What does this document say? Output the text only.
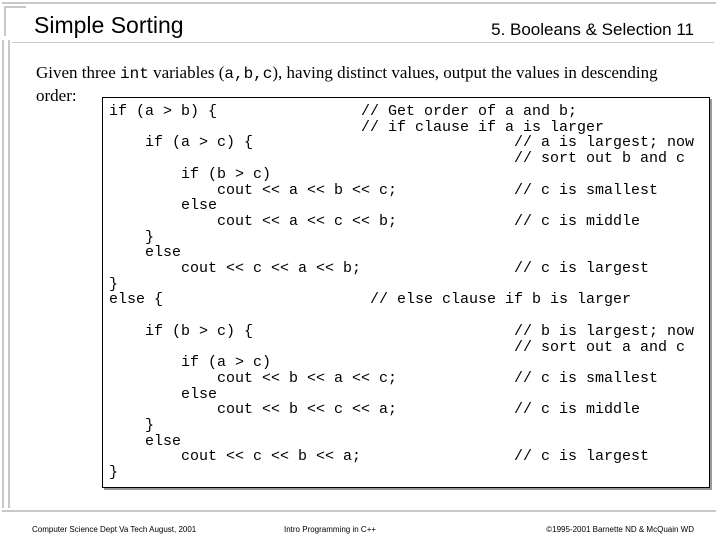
Simple Sorting	5. Booleans & Selection 11
Given three int variables (a,b,c), having distinct values, output the values in descending order:
if (a > b) {	// Get order of a and b;
// if clause if a is larger
if (a > c) {	// a is largest; now
// sort out b and c
if (b > c)
cout << a << b << c;	// c is smallest
else
cout << a << c << b;	// c is middle
}
else
cout << c << a << b;	// c is largest
}
else {	// else clause if b is larger
if (b > c) {	// b is largest; now
// sort out a and c
if (a > c)
cout << b << a << c;	// c is smallest
else
cout << b << c << a;	// c is middle
}
else
cout << c << b << a;	// c is largest
}
Computer Science Dept Va Tech August, 2001	Intro Programming in C++	©1995-2001 Barnette ND & McQuain WD
